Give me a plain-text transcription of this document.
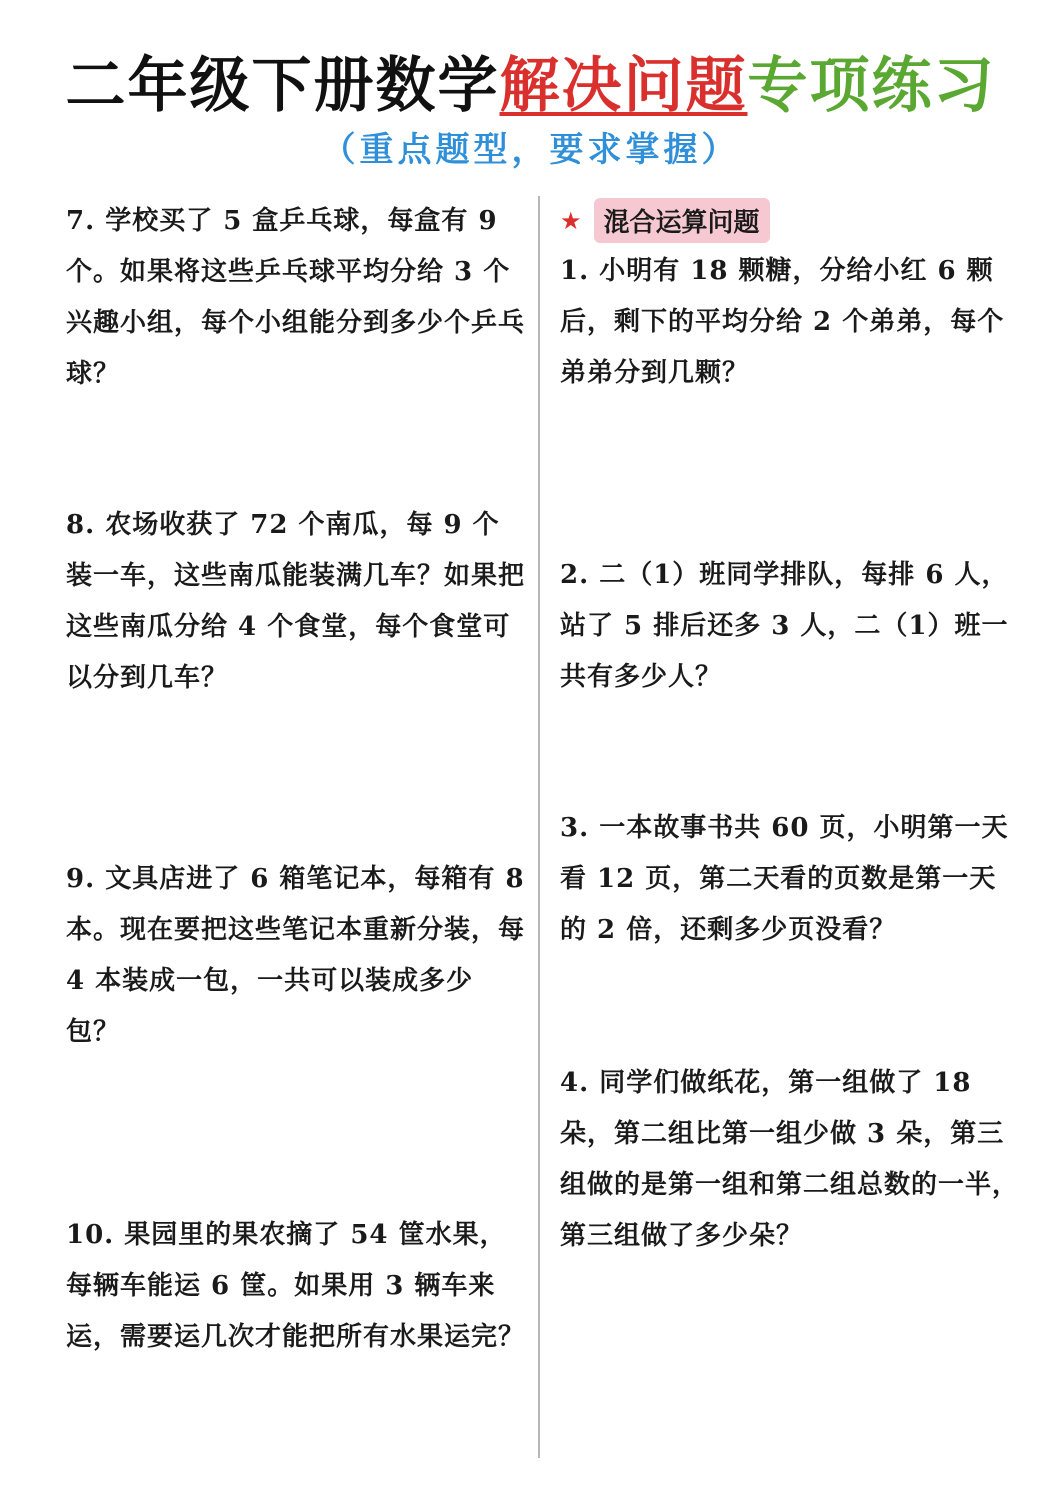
二年级下册数学解决问题专项练习
（重点题型，要求掌握）
7. 学校买了 5 盒乒乓球，每盒有 9 个。如果将这些乒乓球平均分给 3 个兴趣小组，每个小组能分到多少个乒乓球？
8. 农场收获了 72 个南瓜，每 9 个装一车，这些南瓜能装满几车？如果把这些南瓜分给 4 个食堂，每个食堂可以分到几车？
9. 文具店进了 6 箱笔记本，每箱有 8 本。现在要把这些笔记本重新分装，每 4 本装成一包，一共可以装成多少包？
10. 果园里的果农摘了 54 筐水果，每辆车能运 6 筐。如果用 3 辆车来运，需要运几次才能把所有水果运完？
★ 混合运算问题
1. 小明有 18 颗糖，分给小红 6 颗后，剩下的平均分给 2 个弟弟，每个弟弟分到几颗？
2. 二（1）班同学排队，每排 6 人，站了 5 排后还多 3 人，二（1）班一共有多少人？
3. 一本故事书共 60 页，小明第一天看 12 页，第二天看的页数是第一天的 2 倍，还剩多少页没看？
4. 同学们做纸花，第一组做了 18 朵，第二组比第一组少做 3 朵，第三组做的是第一组和第二组总数的一半，第三组做了多少朵？
